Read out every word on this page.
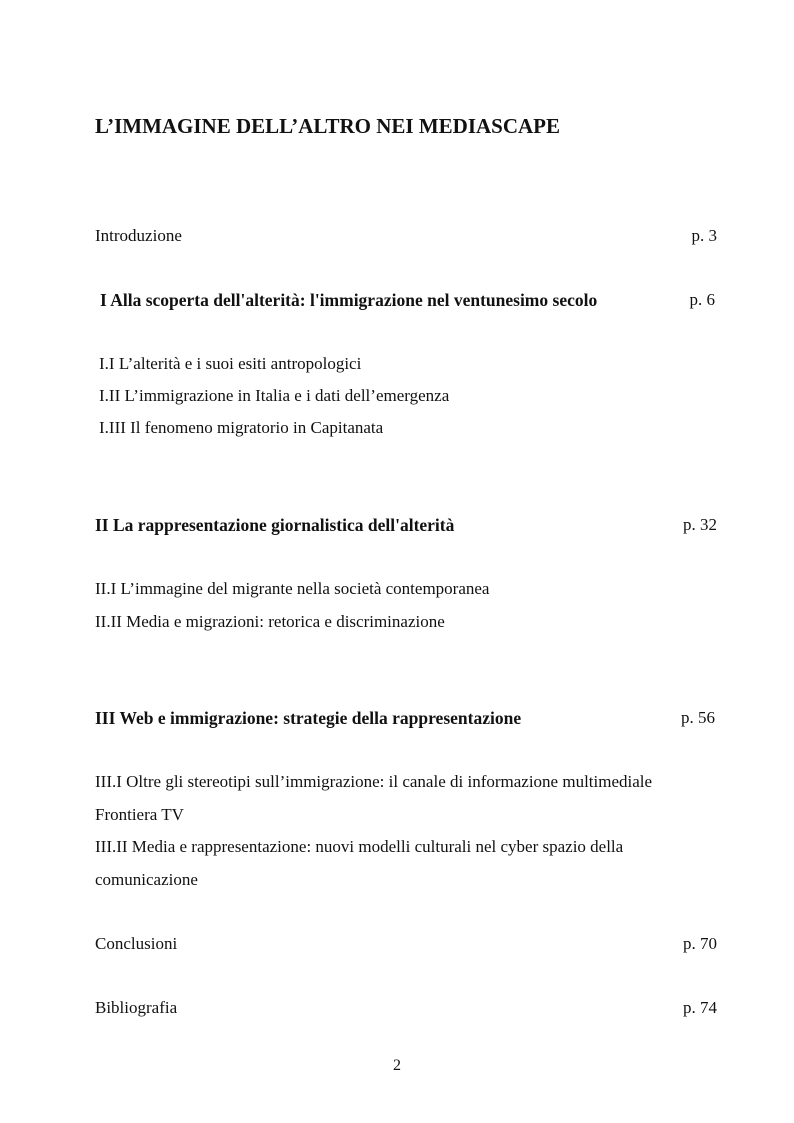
L’IMMAGINE DELL’ALTRO NEI MEDIASCAPE
Introduzione	p. 3
I Alla scoperta dell'alterità: l'immigrazione nel ventunesimo secolo	p. 6
I.I L’alterità e i suoi esiti antropologici
I.II L’immigrazione in Italia e i dati dell’emergenza
I.III Il fenomeno migratorio in Capitanata
II La rappresentazione giornalistica dell'alterità	p. 32
II.I L’immagine del migrante nella società contemporanea
II.II Media e migrazioni: retorica e discriminazione
III Web e immigrazione: strategie della rappresentazione	p. 56
III.I Oltre gli stereotipi sull’immigrazione: il canale di informazione multimediale
Frontiera TV
III.II Media e rappresentazione: nuovi modelli culturali nel cyber spazio della
comunicazione
Conclusioni	p. 70
Bibliografia	p. 74
2
